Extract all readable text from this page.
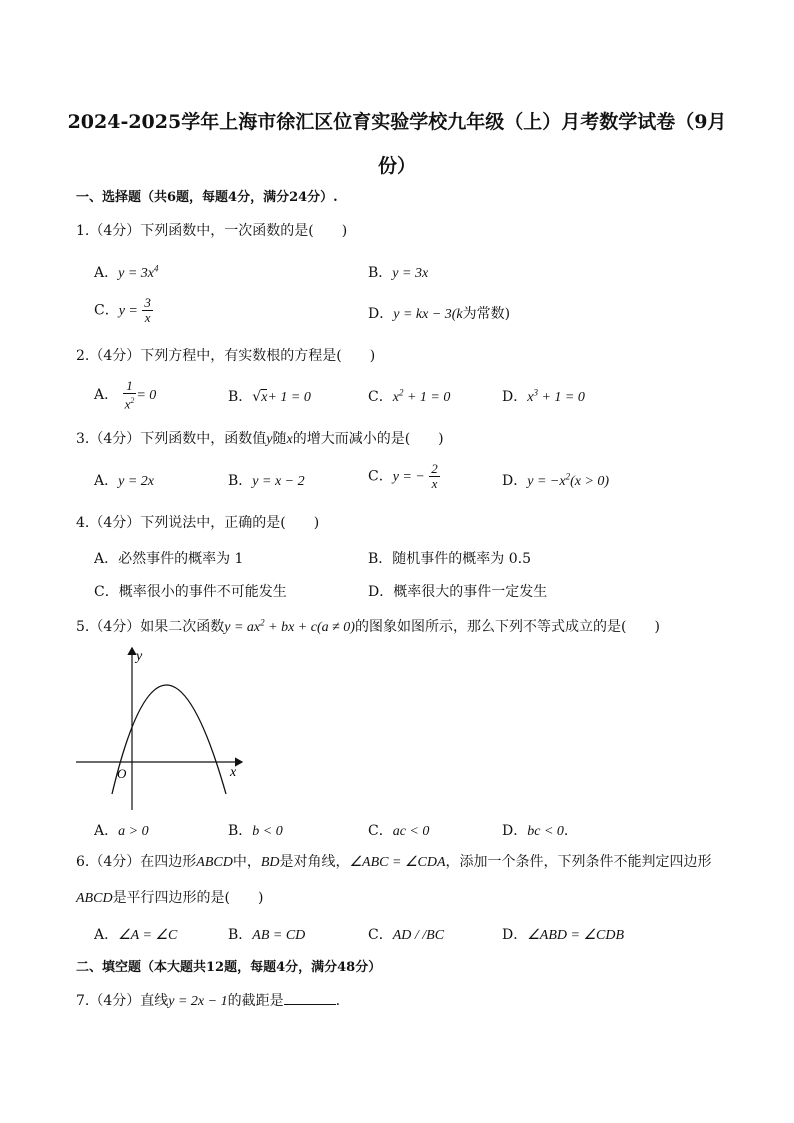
2024-2025学年上海市徐汇区位育实验学校九年级（上）月考数学试卷（9月份）
一、选择题（共6题，每题4分，满分24分）.
1.（4分）下列函数中，一次函数的是(　　)
A．$y = 3x^4$	B．y = 3x
C．$y = \frac{3}{x}$	D．y = kx − 3(k为常数)
2.（4分）下列方程中，有实数根的方程是(　　)
A． $\frac{1}{x^2} = 0$	B．√x+ 1 = 0	C．$x^2 + 1 = 0$	D．$x^3 + 1 = 0$
3.（4分）下列函数中，函数值y随x的增大而减小的是(　　)
A．y = 2x	B．y = x − 2	C．y = − $\frac{2}{x}$	D．$y = -x^2(x > 0)$
4.（4分）下列说法中，正确的是(　　)
A．必然事件的概率为 1	B．随机事件的概率为 0.5
C．概率很小的事件不可能发生	D．概率很大的事件一定发生
5.（4分）如果二次函数$y = ax^2$ + bx + c(a ≠ 0)的图象如图所示，那么下列不等式成立的是(　　)
y
x
O
A．a > 0	B．b < 0	C．ac < 0	D．bc < 0.
6.（4分）在四边形ABCD中，BD是对角线，∠ABC = ∠CDA，添加一个条件，下列条件不能判定四边形
ABCD是平行四边形的是(　　)
A．∠A = ∠C	B．AB = CD	C．AD / /BC	D．∠ABD = ∠CDB
二、填空题（本大题共12题，每题4分，满分48分）
7.（4分）直线y = 2x − 1的截距是	.
